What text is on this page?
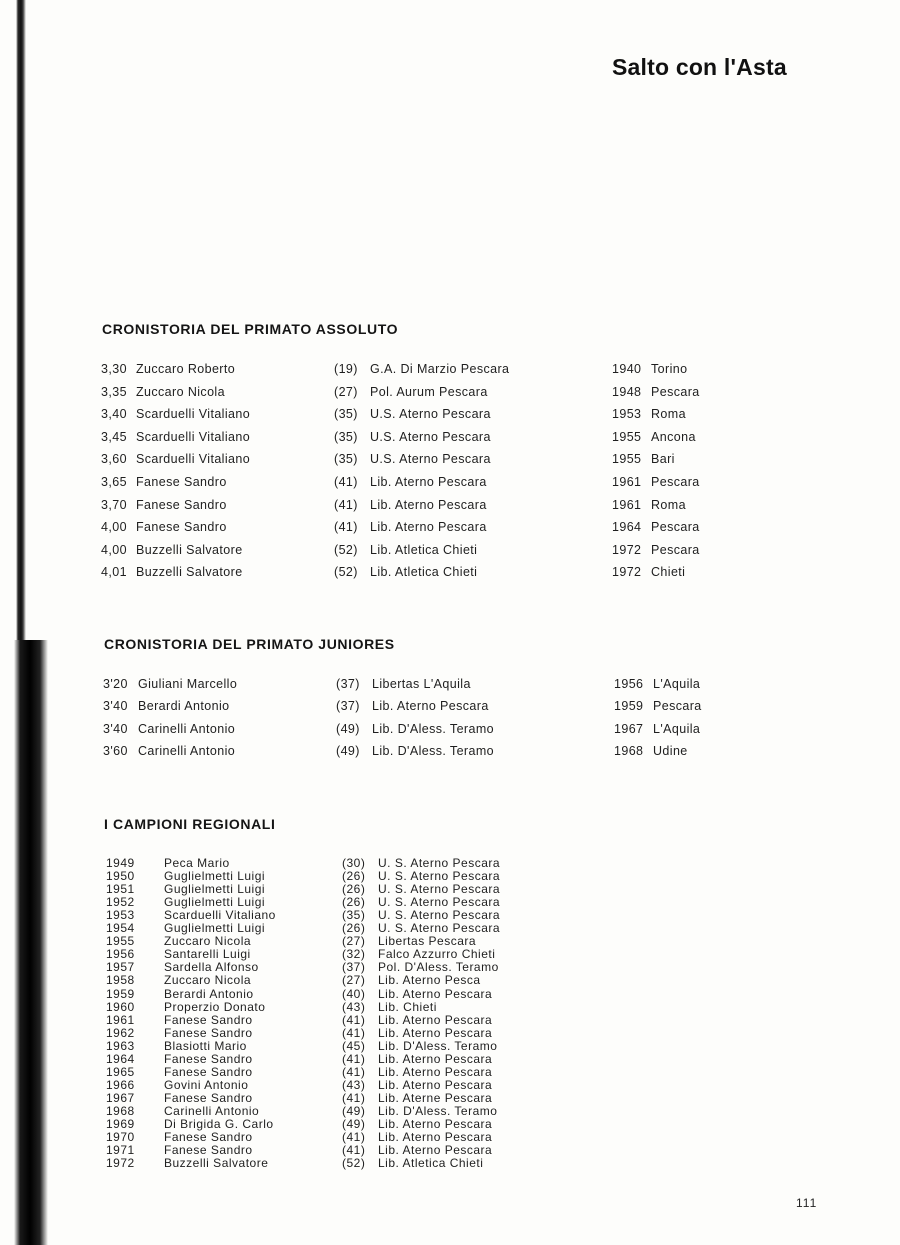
Salto con l'Asta
CRONISTORIA DEL PRIMATO ASSOLUTO
3,30 Zuccaro Roberto	(19) G.A. Di Marzio Pescara	1940 Torino
3,35 Zuccaro Nicola	(27) Pol. Aurum Pescara	1948 Pescara
3,40 Scarduelli Vitaliano	(35) U.S. Aterno Pescara	1953 Roma
3,45 Scarduelli Vitaliano	(35) U.S. Aterno Pescara	1955 Ancona
3,60 Scarduelli Vitaliano	(35) U.S. Aterno Pescara	1955 Bari
3,65 Fanese Sandro	(41) Lib. Aterno Pescara	1961 Pescara
3,70 Fanese Sandro	(41) Lib. Aterno Pescara	1961 Roma
4,00 Fanese Sandro	(41) Lib. Aterno Pescara	1964 Pescara
4,00 Buzzelli Salvatore	(52) Lib. Atletica Chieti	1972 Pescara
4,01 Buzzelli Salvatore	(52) Lib. Atletica Chieti	1972 Chieti
CRONISTORIA DEL PRIMATO JUNIORES
3'20 Giuliani Marcello	(37) Libertas L'Aquila	1956 L'Aquila
3'40 Berardi Antonio	(37) Lib. Aterno Pescara	1959 Pescara
3'40 Carinelli Antonio	(49) Lib. D'Aless. Teramo	1967 L'Aquila
3'60 Carinelli Antonio	(49) Lib. D'Aless. Teramo	1968 Udine
I CAMPIONI REGIONALI
1949 Peca Mario	(30) U. S. Aterno Pescara
1950 Guglielmetti Luigi	(26) U. S. Aterno Pescara
1951 Guglielmetti Luigi	(26) U. S. Aterno Pescara
1952 Guglielmetti Luigi	(26) U. S. Aterno Pescara
1953 Scarduelli Vitaliano	(35) U. S. Aterno Pescara
1954 Guglielmetti Luigi	(26) U. S. Aterno Pescara
1955 Zuccaro Nicola	(27) Libertas Pescara
1956 Santarelli Luigi	(32) Falco Azzurro Chieti
1957 Sardella Alfonso	(37) Pol. D'Aless. Teramo
1958 Zuccaro Nicola	(27) Lib. Aterno Pesca
1959 Berardi Antonio	(40) Lib. Aterno Pescara
1960 Properzio Donato	(43) Lib. Chieti
1961 Fanese Sandro	(41) Lib. Aterno Pescara
1962 Fanese Sandro	(41) Lib. Aterno Pescara
1963 Blasiotti Mario	(45) Lib. D'Aless. Teramo
1964 Fanese Sandro	(41) Lib. Aterno Pescara
1965 Fanese Sandro	(41) Lib. Aterno Pescara
1966 Govini Antonio	(43) Lib. Aterno Pescara
1967 Fanese Sandro	(41) Lib. Aterne Pescara
1968 Carinelli Antonio	(49) Lib. D'Aless. Teramo
1969 Di Brigida G. Carlo	(49) Lib. Aterno Pescara
1970 Fanese Sandro	(41) Lib. Aterno Pescara
1971 Fanese Sandro	(41) Lib. Aterno Pescara
1972 Buzzelli Salvatore	(52) Lib. Atletica Chieti
111
